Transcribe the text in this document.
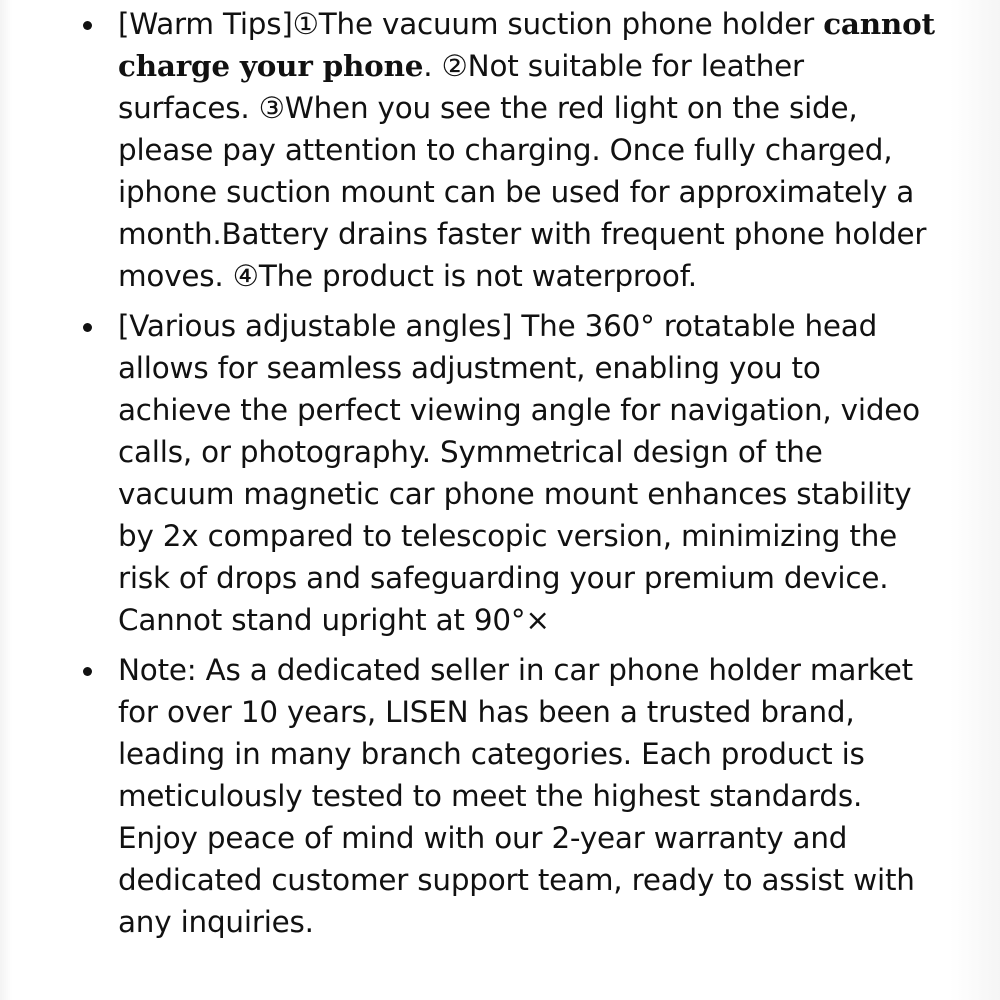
[Warm Tips]①The vacuum suction phone holder cannot charge your phone. ②Not suitable for leather surfaces. ③When you see the red light on the side, please pay attention to charging. Once fully charged, iphone suction mount can be used for approximately a month.Battery drains faster with frequent phone holder moves. ④The product is not waterproof.
[Various adjustable angles] The 360° rotatable head allows for seamless adjustment, enabling you to achieve the perfect viewing angle for navigation, video calls, or photography. Symmetrical design of the vacuum magnetic car phone mount enhances stability by 2x compared to telescopic version, minimizing the risk of drops and safeguarding your premium device. Cannot stand upright at 90°×
Note: As a dedicated seller in car phone holder market for over 10 years, LISEN has been a trusted brand, leading in many branch categories. Each product is meticulously tested to meet the highest standards. Enjoy peace of mind with our 2-year warranty and dedicated customer support team, ready to assist with any inquiries.
